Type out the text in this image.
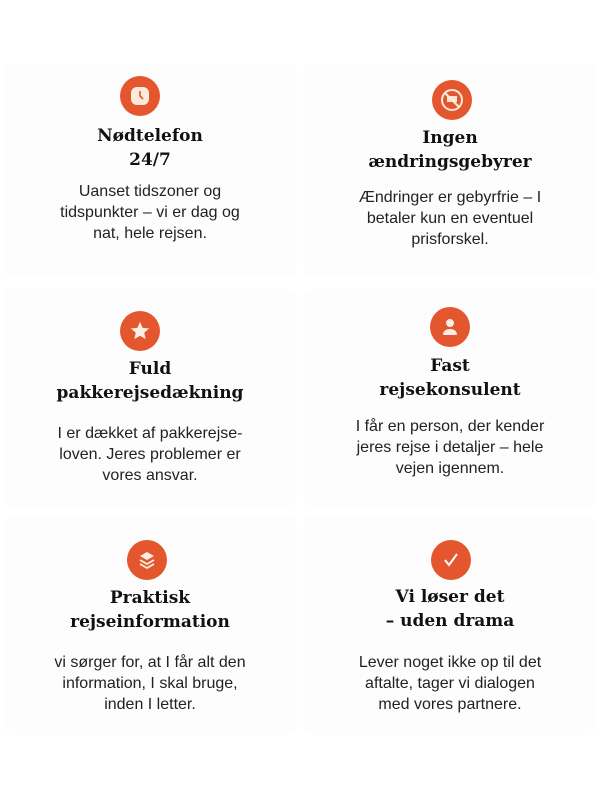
Nødtelefon
24/7
Uanset tidszoner og
tidspunkter – vi er dag og
nat, hele rejsen.
Ingen
ændringsgebyrer
Ændringer er gebyrfrie – I
betaler kun en eventuel
prisforskel.
Fuld
pakkerejsedækning
I er dækket af pakkerejse-
loven. Jeres problemer er
vores ansvar.
Fast
rejsekonsulent
I får en person, der kender
jeres rejse i detaljer – hele
vejen igennem.
Praktisk
rejseinformation
vi sørger for, at I får alt den
information, I skal bruge,
inden I letter.
Vi løser det
– uden drama
Lever noget ikke op til det
aftalte, tager vi dialogen
med vores partnere.
